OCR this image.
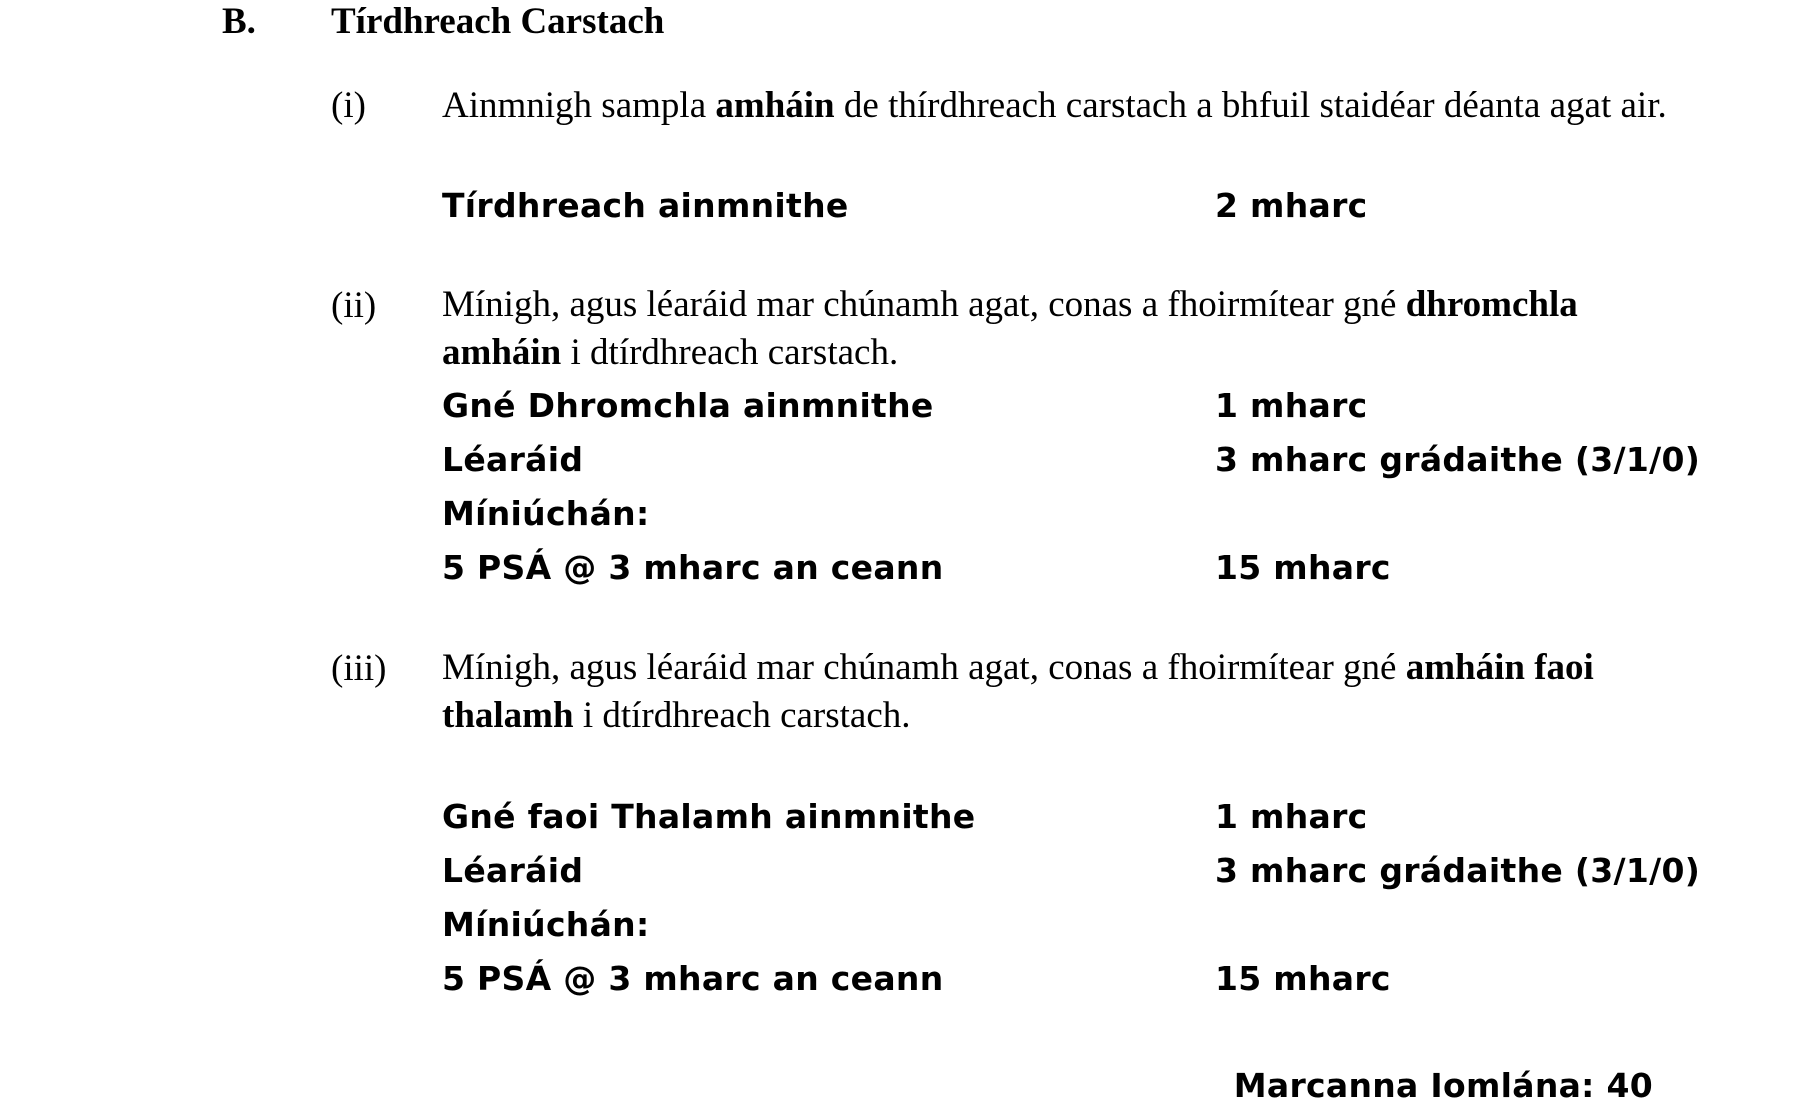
B. Tírdhreach Carstach
(i) Ainmnigh sampla amháin de thírdhreach carstach a bhfuil staidéar déanta agat air.
Tírdhreach ainmnithe	2 mharc
(ii) Mínigh, agus léaráid mar chúnamh agat, conas a fhoirmítear gné dhromchla amháin i dtírdhreach carstach.
Gné Dhromchla ainmnithe	1 mharc
Léaráid	3 mharc grádaithe (3/1/0)
Míniúchán:
5 PSÁ @ 3 mharc an ceann	15 mharc
(iii) Mínigh, agus léaráid mar chúnamh agat, conas a fhoirmítear gné amháin faoi thalamh i dtírdhreach carstach.
Gné faoi Thalamh ainmnithe	1 mharc
Léaráid	3 mharc grádaithe (3/1/0)
Míniúchán:
5 PSÁ @ 3 mharc an ceann	15 mharc
Marcanna Iomlána: 40
